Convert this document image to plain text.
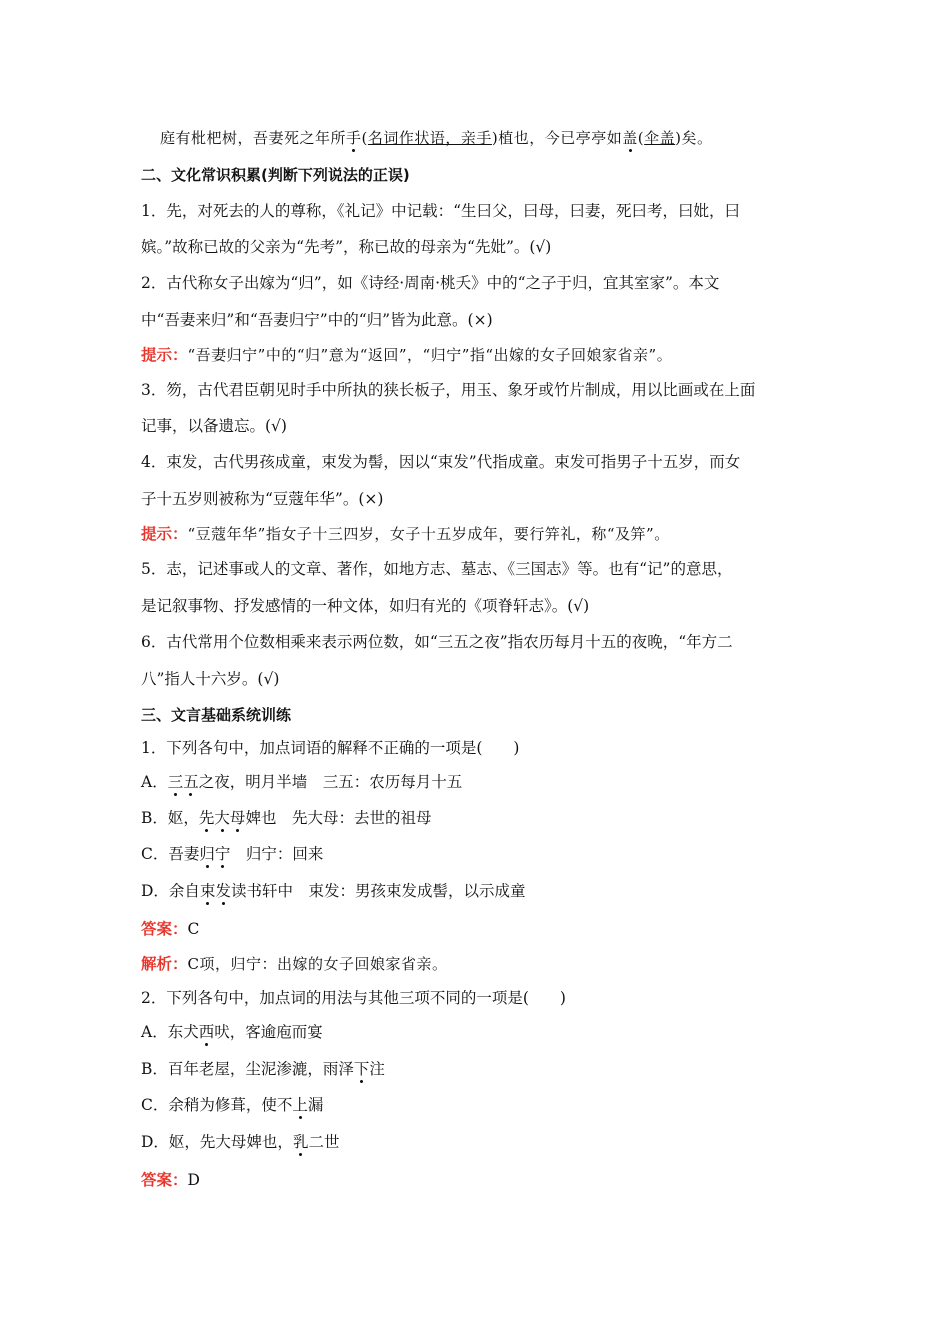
庭有枇杷树，吾妻死之年所手(名词作状语，亲手)植也，今已亭亭如盖(伞盖)矣。
二、文化常识积累(判断下列说法的正误)
1．先，对死去的人的尊称，《礼记》中记载：“生曰父，曰母，曰妻，死曰考，曰妣，曰
嫔。”故称已故的父亲为“先考”，称已故的母亲为“先妣”。(√)
2．古代称女子出嫁为“归”，如《诗经·周南·桃夭》中的“之子于归，宜其室家”。本文
中“吾妻来归”和“吾妻归宁”中的“归”皆为此意。(×)
提示：“吾妻归宁”中的“归”意为“返回”，“归宁”指“出嫁的女子回娘家省亲”。
3．笏，古代君臣朝见时手中所执的狭长板子，用玉、象牙或竹片制成，用以比画或在上面
记事，以备遗忘。(√)
4．束发，古代男孩成童，束发为髻，因以“束发”代指成童。束发可指男子十五岁，而女
子十五岁则被称为“豆蔻年华”。(×)
提示：“豆蔻年华”指女子十三四岁，女子十五岁成年，要行笄礼，称“及笄”。
5．志，记述事或人的文章、著作，如地方志、墓志、《三国志》等。也有“记”的意思，
是记叙事物、抒发感情的一种文体，如归有光的《项脊轩志》。(√)
6．古代常用个位数相乘来表示两位数，如“三五之夜”指农历每月十五的夜晚，“年方二
八”指人十六岁。(√)
三、文言基础系统训练
1．下列各句中，加点词语的解释不正确的一项是(　　)
A．三五之夜，明月半墙　三五：农历每月十五
B．妪，先大母婢也　先大母：去世的祖母
C．吾妻归宁　归宁：回来
D．余自束发读书轩中　束发：男孩束发成髻，以示成童
答案：C
解析：C项，归宁：出嫁的女子回娘家省亲。
2．下列各句中，加点词的用法与其他三项不同的一项是(　　)
A．东犬西吠，客逾庖而宴
B．百年老屋，尘泥渗漉，雨泽下注
C．余稍为修葺，使不上漏
D．妪，先大母婢也，乳二世
答案：D
